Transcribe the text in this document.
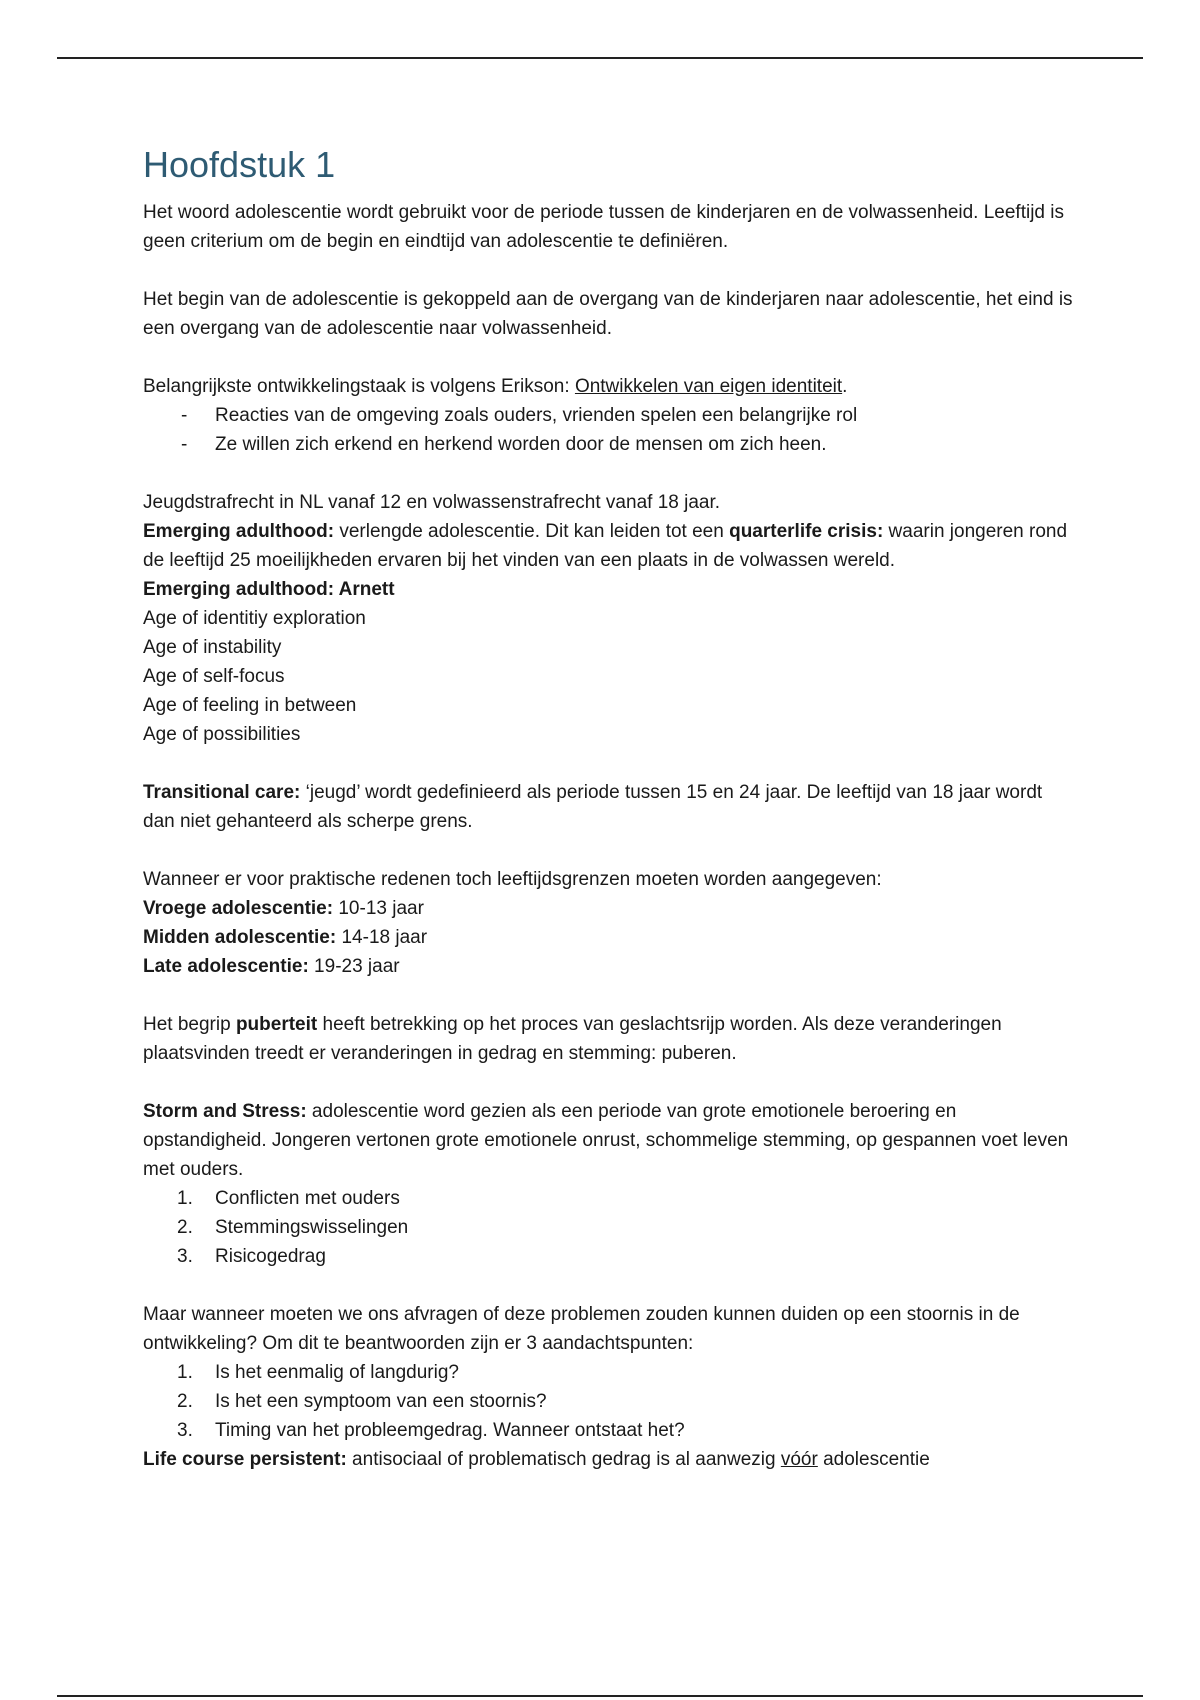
Hoofdstuk 1

Het woord adolescentie wordt gebruikt voor de periode tussen de kinderjaren en de volwassenheid. Leeftijd is geen criterium om de begin en eindtijd van adolescentie te definiëren.

Het begin van de adolescentie is gekoppeld aan de overgang van de kinderjaren naar adolescentie, het eind is een overgang van de adolescentie naar volwassenheid.

Belangrijkste ontwikkelingstaak is volgens Erikson: Ontwikkelen van eigen identiteit.

- Reacties van de omgeving zoals ouders, vrienden spelen een belangrijke rol
- Ze willen zich erkend en herkend worden door de mensen om zich heen.

Jeugdstrafrecht in NL vanaf 12 en volwassenstrafrecht vanaf 18 jaar.

Emerging adulthood: verlengde adolescentie. Dit kan leiden tot een quarterlife crisis: waarin jongeren rond de leeftijd 25 moeilijkheden ervaren bij het vinden van een plaats in de volwassen wereld.

Emerging adulthood: Arnett

Age of identitiy exploration

Age of instability

Age of self-focus

Age of feeling in between

Age of possibilities

Transitional care: ‘jeugd’ wordt gedefinieerd als periode tussen 15 en 24 jaar. De leeftijd van 18 jaar wordt dan niet gehanteerd als scherpe grens.

Wanneer er voor praktische redenen toch leeftijdsgrenzen moeten worden aangegeven:

Vroege adolescentie: 10-13 jaar

Midden adolescentie: 14-18 jaar

Late adolescentie: 19-23 jaar

Het begrip puberteit heeft betrekking op het proces van geslachtsrijp worden. Als deze veranderingen plaatsvinden treedt er veranderingen in gedrag en stemming: puberen.

Storm and Stress: adolescentie word gezien als een periode van grote emotionele beroering en opstandigheid. Jongeren vertonen grote emotionele onrust, schommelige stemming, op gespannen voet leven met ouders.

1. Conflicten met ouders
2. Stemmingswisselingen
3. Risicogedrag

Maar wanneer moeten we ons afvragen of deze problemen zouden kunnen duiden op een stoornis in de ontwikkeling? Om dit te beantwoorden zijn er 3 aandachtspunten:

1. Is het eenmalig of langdurig?
2. Is het een symptoom van een stoornis?
3. Timing van het probleemgedrag. Wanneer ontstaat het?

Life course persistent: antisociaal of problematisch gedrag is al aanwezig vóór adolescentie
